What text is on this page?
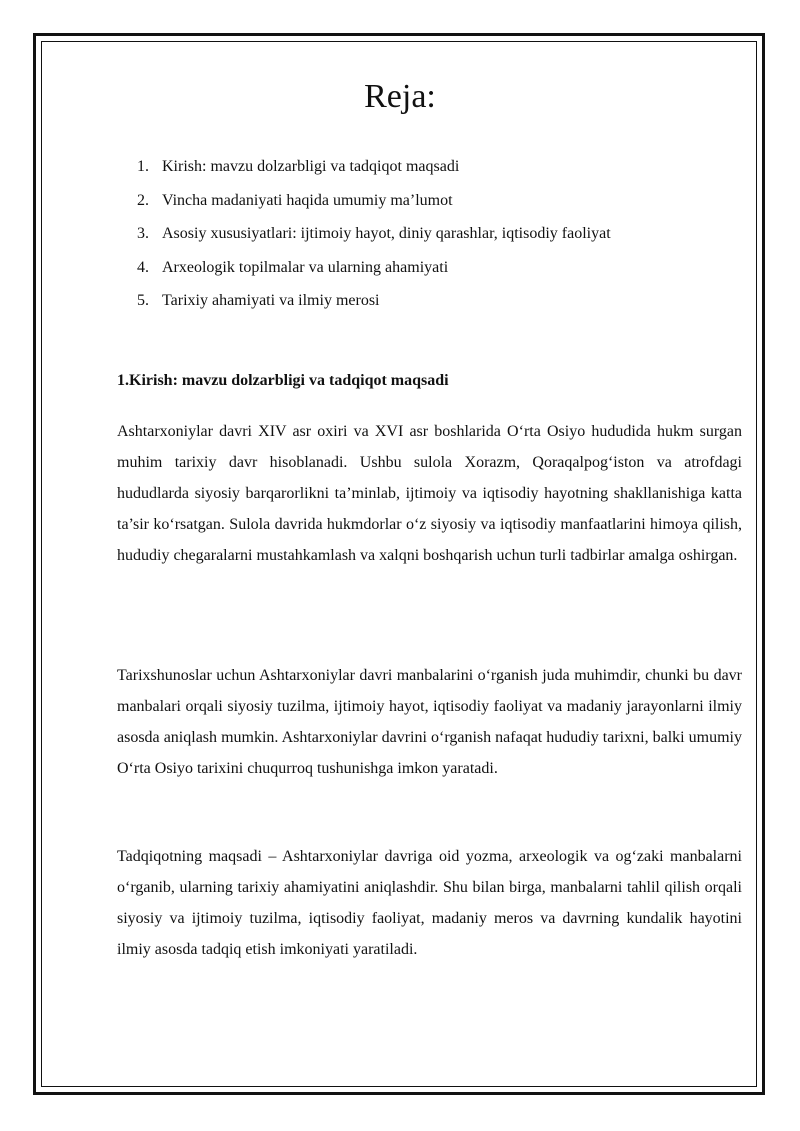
Reja:
1. Kirish: mavzu dolzarbligi va tadqiqot maqsadi
2. Vincha madaniyati haqida umumiy ma’lumot
3. Asosiy xususiyatlari: ijtimoiy hayot, diniy qarashlar, iqtisodiy faoliyat
4. Arxeologik topilmalar va ularning ahamiyati
5. Tarixiy ahamiyati va ilmiy merosi
1.Kirish: mavzu dolzarbligi va tadqiqot maqsadi

Ashtarxoniylar davri XIV asr oxiri va XVI asr boshlarida O‘rta Osiyo hududida hukm surgan muhim tarixiy davr hisoblanadi. Ushbu sulola Xorazm, Qoraqalpog‘iston va atrofdagi hududlarda siyosiy barqarorlikni ta’minlab, ijtimoiy va iqtisodiy hayotning shakllanishiga katta ta’sir ko‘rsatgan. Sulola davrida hukmdorlar o‘z siyosiy va iqtisodiy manfaatlarini himoya qilish, hududiy chegaralarni mustahkamlash va xalqni boshqarish uchun turli tadbirlar amalga oshirgan.

Tarixshunoslar uchun Ashtarxoniylar davri manbalarini o‘rganish juda muhimdir, chunki bu davr manbalari orqali siyosiy tuzilma, ijtimoiy hayot, iqtisodiy faoliyat va madaniy jarayonlarni ilmiy asosda aniqlash mumkin. Ashtarxoniylar davrini o‘rganish nafaqat hududiy tarixni, balki umumiy O‘rta Osiyo tarixini chuqurroq tushunishga imkon yaratadi.

Tadqiqotning maqsadi – Ashtarxoniylar davriga oid yozma, arxeologik va og‘zaki manbalarni o‘rganib, ularning tarixiy ahamiyatini aniqlashdir. Shu bilan birga, manbalarni tahlil qilish orqali siyosiy va ijtimoiy tuzilma, iqtisodiy faoliyat, madaniy meros va davrning kundalik hayotini ilmiy asosda tadqiq etish imkoniyati yaratiladi.
